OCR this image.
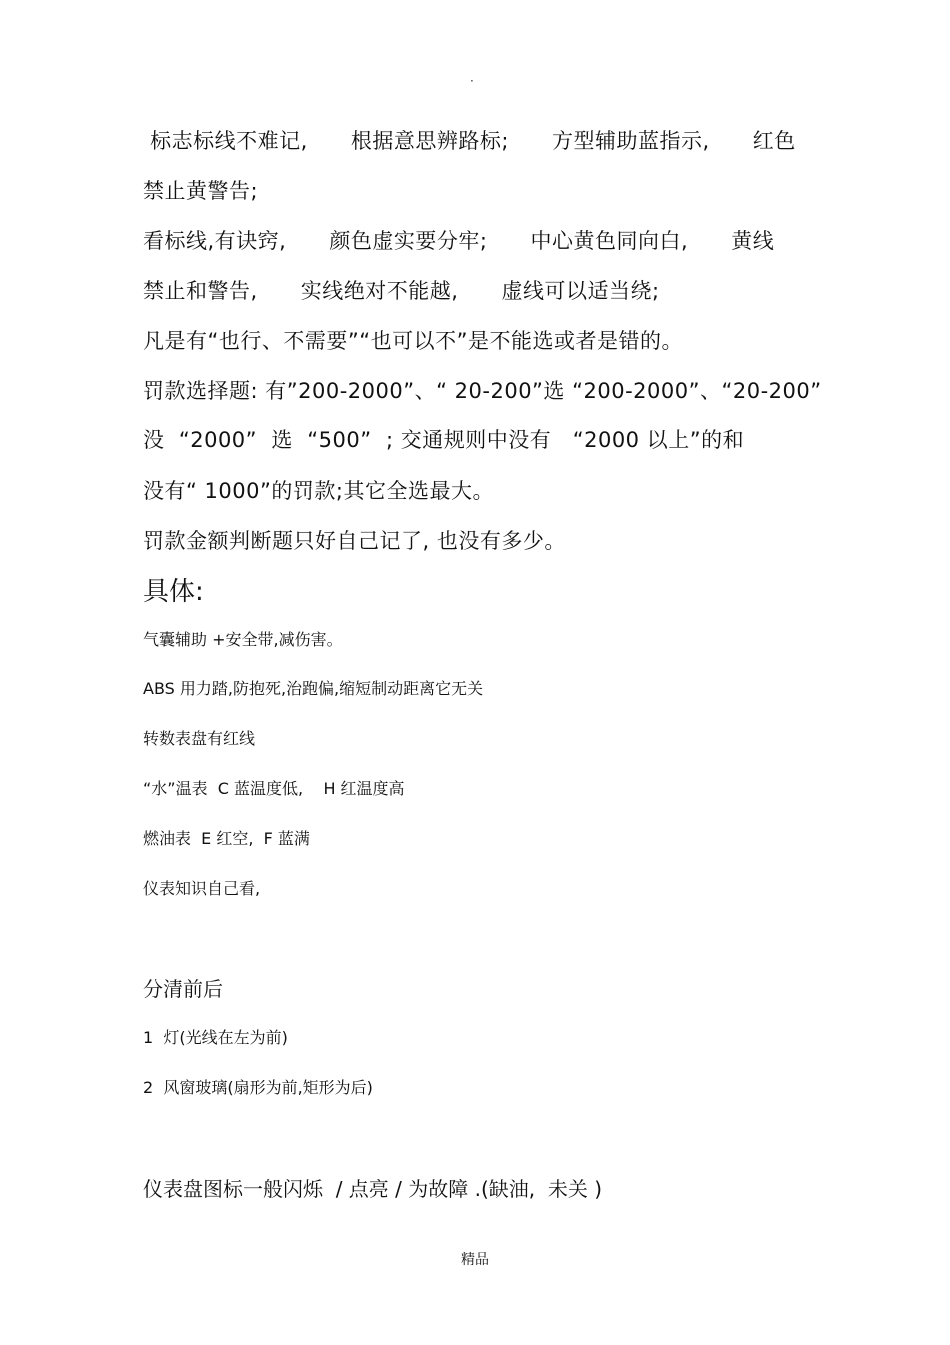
·
标志标线不难记,      根据意思辨路标;      方型辅助蓝指示,      红色
禁止黄警告;
看标线,有诀窍,      颜色虚实要分牢;      中心黄色同向白,      黄线
禁止和警告,      实线绝对不能越,      虚线可以适当绕;
凡是有“也行、不需要”“也可以不”是不能选或者是错的。
罚款选择题: 有”200-2000”、“ 20-200”选 “200-2000”、“20-200”
没  “2000”  选  “500”  ; 交通规则中没有   “2000 以上”的和
没有“ 1000”的罚款;其它全选最大。
罚款金额判断题只好自己记了, 也没有多少。
具体:
气囊辅助 +安全带,减伤害。
ABS 用力踏,防抱死,治跑偏,缩短制动距离它无关
转数表盘有红线
“水”温表  C 蓝温度低,    H 红温度高
燃油表  E 红空,  F 蓝满
仪表知识自己看,
分清前后
1  灯(光线在左为前)
2  风窗玻璃(扇形为前,矩形为后)
仪表盘图标一般闪烁  / 点亮 / 为故障 .(缺油,  未关 )
精品
